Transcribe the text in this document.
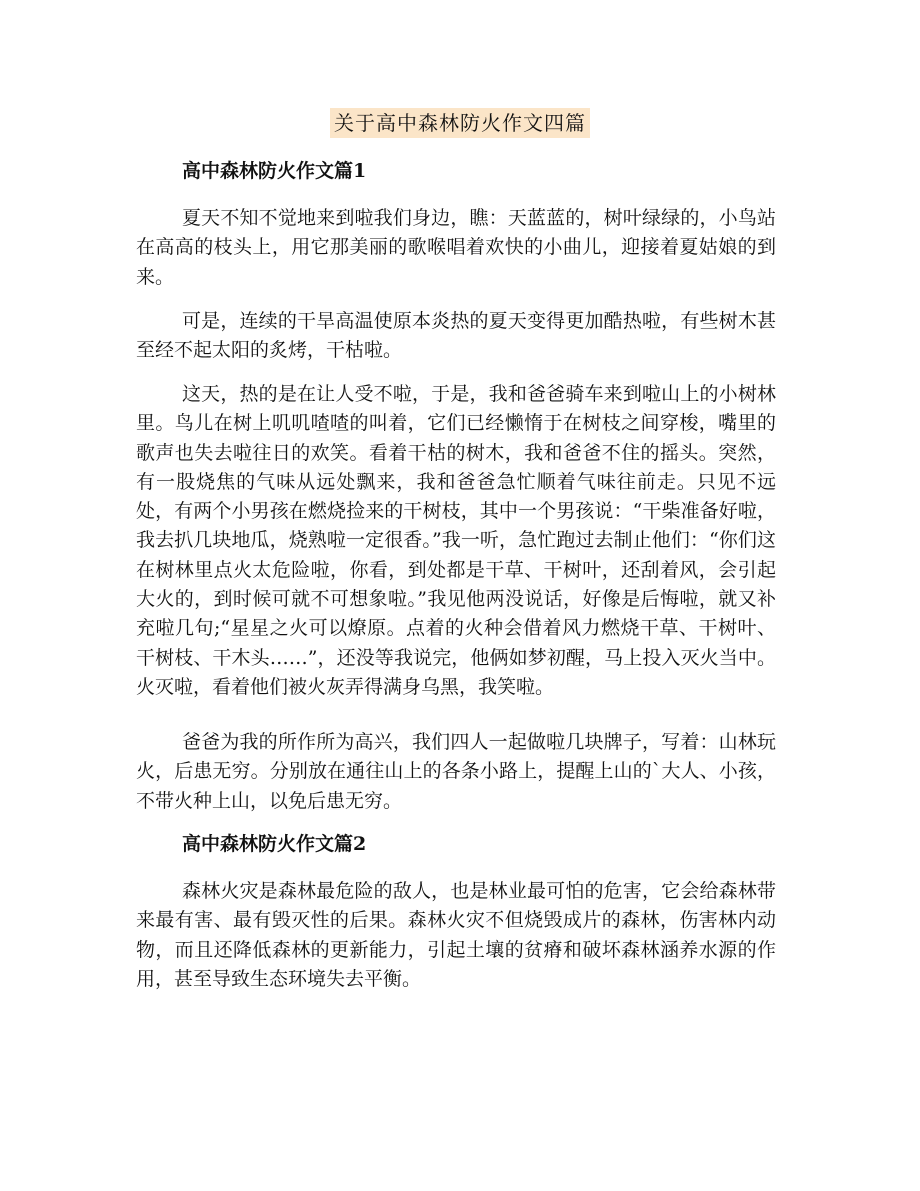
关于高中森林防火作文四篇
高中森林防火作文篇1

夏天不知不觉地来到啦我们身边，瞧：天蓝蓝的，树叶绿绿的，小鸟站在高高的枝头上，用它那美丽的歌喉唱着欢快的小曲儿，迎接着夏姑娘的到来。

可是，连续的干旱高温使原本炎热的夏天变得更加酷热啦，有些树木甚至经不起太阳的炙烤，干枯啦。

这天，热的是在让人受不啦，于是，我和爸爸骑车来到啦山上的小树林里。鸟儿在树上叽叽喳喳的叫着，它们已经懒惰于在树枝之间穿梭，嘴里的歌声也失去啦往日的欢笑。看着干枯的树木，我和爸爸不住的摇头。突然，有一股烧焦的气味从远处飘来，我和爸爸急忙顺着气味往前走。只见不远处，有两个小男孩在燃烧捡来的干树枝，其中一个男孩说：“干柴准备好啦，我去扒几块地瓜，烧熟啦一定很香。”我一听，急忙跑过去制止他们：“你们这在树林里点火太危险啦，你看，到处都是干草、干树叶，还刮着风，会引起大火的，到时候可就不可想象啦。”我见他两没说话，好像是后悔啦，就又补充啦几句;“星星之火可以燎原。点着的火种会借着风力燃烧干草、干树叶、干树枝、干木头……”，还没等我说完，他俩如梦初醒，马上投入灭火当中。火灭啦，看着他们被火灰弄得满身乌黑，我笑啦。

爸爸为我的所作所为高兴，我们四人一起做啦几块牌子，写着：山林玩火，后患无穷。分别放在通往山上的各条小路上，提醒上山的`大人、小孩，不带火种上山，以免后患无穷。

高中森林防火作文篇2

森林火灾是森林最危险的敌人，也是林业最可怕的危害，它会给森林带来最有害、最有毁灭性的后果。森林火灾不但烧毁成片的森林，伤害林内动物，而且还降低森林的更新能力，引起土壤的贫瘠和破坏森林涵养水源的作用，甚至导致生态环境失去平衡。
